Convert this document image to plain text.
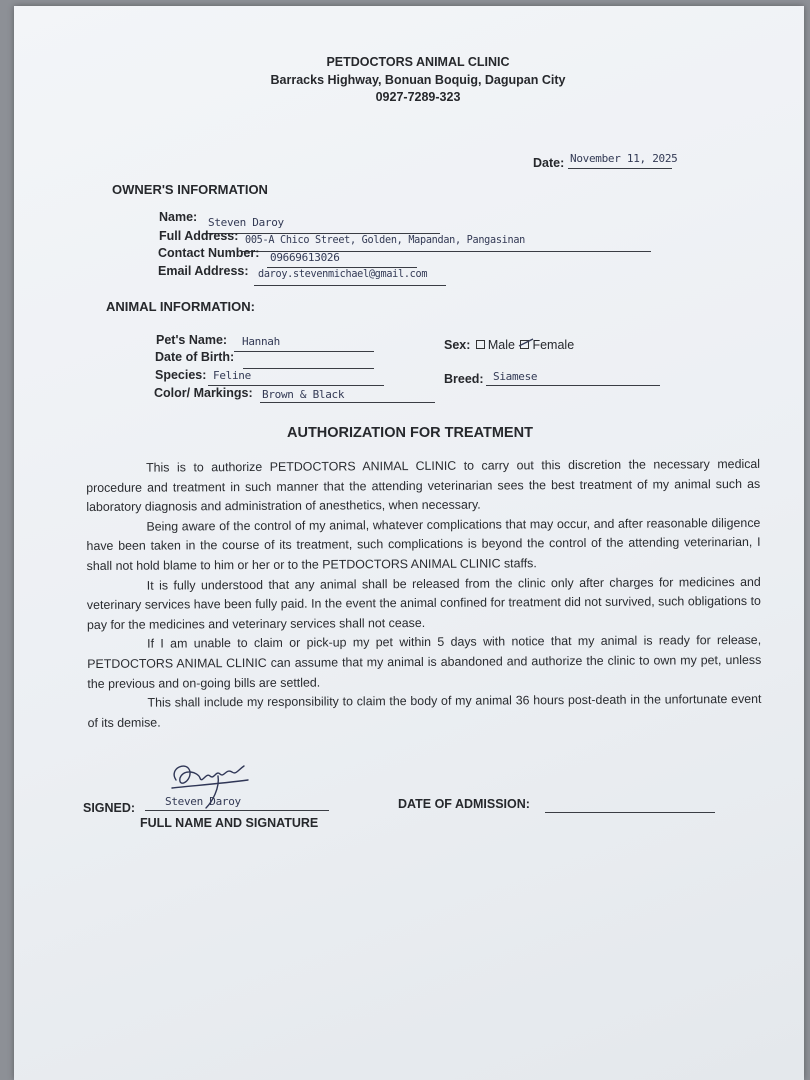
PETDOCTORS ANIMAL CLINIC
Barracks Highway, Bonuan Boquig, Dagupan City
0927-7289-323
Date: November 11, 2025
OWNER'S INFORMATION
Name: Steven Daroy
Full Address: 005-A Chico Street, Golden, Mapandan, Pangasinan
Contact Number: 09669613026
Email Address: daroy.stevenmichael@gmail.com
ANIMAL INFORMATION:
Pet's Name: Hannah
Date of Birth:
Species: Feline
Color/ Markings: Brown & Black
Sex: Male Female
Breed: Siamese
AUTHORIZATION FOR TREATMENT

This is to authorize PETDOCTORS ANIMAL CLINIC to carry out this discretion the necessary medical procedure and treatment in such manner that the attending veterinarian sees the best treatment of my animal such as laboratory diagnosis and administration of anesthetics, when necessary.

Being aware of the control of my animal, whatever complications that may occur, and after reasonable diligence have been taken in the course of its treatment, such complications is beyond the control of the attending veterinarian, I shall not hold blame to him or her or to the PETDOCTORS ANIMAL CLINIC staffs.

It is fully understood that any animal shall be released from the clinic only after charges for medicines and veterinary services have been fully paid. In the event the animal confined for treatment did not survived, such obligations to pay for the medicines and veterinary services shall not cease.

If I am unable to claim or pick-up my pet within 5 days with notice that my animal is ready for release, PETDOCTORS ANIMAL CLINIC can assume that my animal is abandoned and authorize the clinic to own my pet, unless the previous and on-going bills are settled.

This shall include my responsibility to claim the body of my animal 36 hours post-death in the unfortunate event of its demise.

SIGNED:	Steven Daroy
FULL NAME AND SIGNATURE
DATE OF ADMISSION:
